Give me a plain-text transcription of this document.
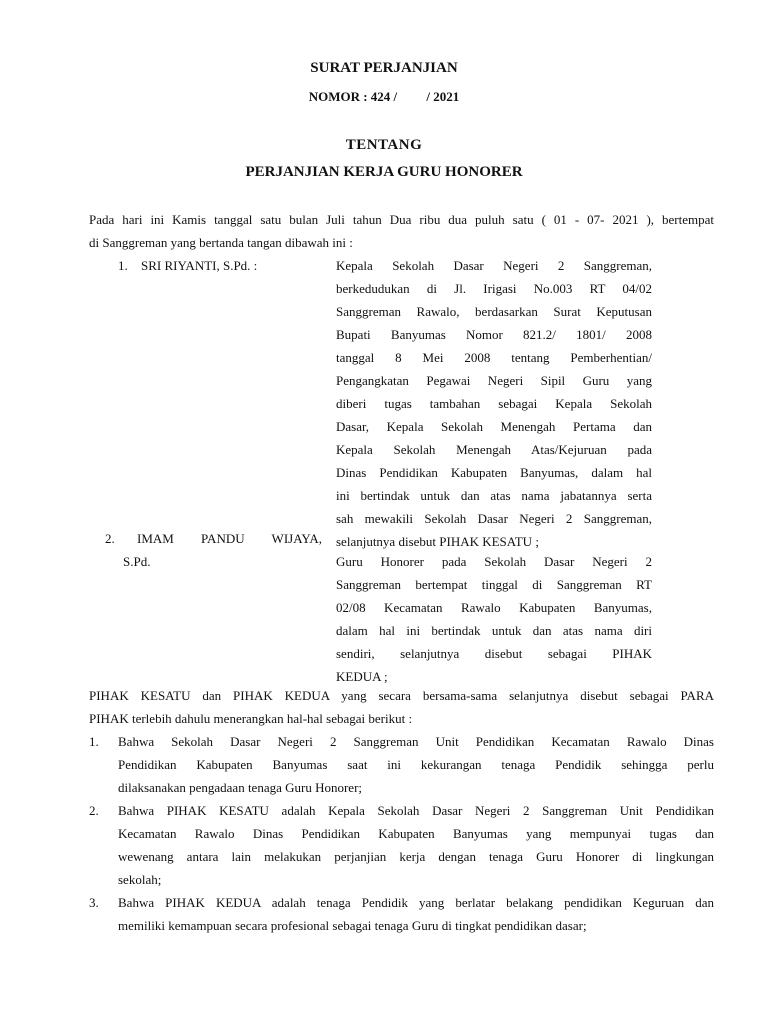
SURAT PERJANJIAN
NOMOR : 424 /         / 2021
TENTANG
PERJANJIAN KERJA GURU HONORER
Pada hari ini Kamis tanggal satu bulan Juli tahun Dua ribu dua puluh satu ( 01 - 07- 2021 ), bertempat
di Sanggreman yang bertanda tangan dibawah ini :
1. SRI RIYANTI, S.Pd. :	Kepala Sekolah Dasar Negeri 2 Sanggreman,
berkedudukan di Jl. Irigasi No.003 RT 04/02
Sanggreman Rawalo, berdasarkan Surat Keputusan
Bupati Banyumas Nomor 821.2/ 1801/ 2008
tanggal 8 Mei 2008 tentang Pemberhentian/
Pengangkatan Pegawai Negeri Sipil Guru yang
diberi tugas tambahan sebagai Kepala Sekolah
Dasar, Kepala Sekolah Menengah Pertama dan
Kepala Sekolah Menengah Atas/Kejuruan pada
Dinas Pendidikan Kabupaten Banyumas, dalam hal
ini bertindak untuk dan atas nama jabatannya serta
sah mewakili Sekolah Dasar Negeri 2 Sanggreman,
selanjutnya disebut PIHAK KESATU ;
2. IMAM PANDU WIJAYA,
S.Pd.	Guru Honorer pada Sekolah Dasar Negeri 2
Sanggreman bertempat tinggal di Sanggreman RT
02/08 Kecamatan Rawalo Kabupaten Banyumas,
dalam hal ini bertindak untuk dan atas nama diri
sendiri, selanjutnya disebut sebagai PIHAK
KEDUA ;
PIHAK KESATU dan PIHAK KEDUA yang secara bersama-sama selanjutnya disebut sebagai PARA
PIHAK terlebih dahulu menerangkan hal-hal sebagai berikut :
1. Bahwa Sekolah Dasar Negeri 2 Sanggreman Unit Pendidikan Kecamatan Rawalo Dinas
Pendidikan Kabupaten Banyumas saat ini kekurangan tenaga Pendidik sehingga perlu
dilaksanakan pengadaan tenaga Guru Honorer;
2. Bahwa PIHAK KESATU adalah Kepala Sekolah Dasar Negeri 2 Sanggreman Unit Pendidikan
Kecamatan Rawalo Dinas Pendidikan Kabupaten Banyumas yang mempunyai tugas dan
wewenang antara lain melakukan perjanjian kerja dengan tenaga Guru Honorer di lingkungan
sekolah;
3. Bahwa PIHAK KEDUA adalah tenaga Pendidik yang berlatar belakang pendidikan Keguruan dan
memiliki kemampuan secara profesional sebagai tenaga Guru di tingkat pendidikan dasar;
